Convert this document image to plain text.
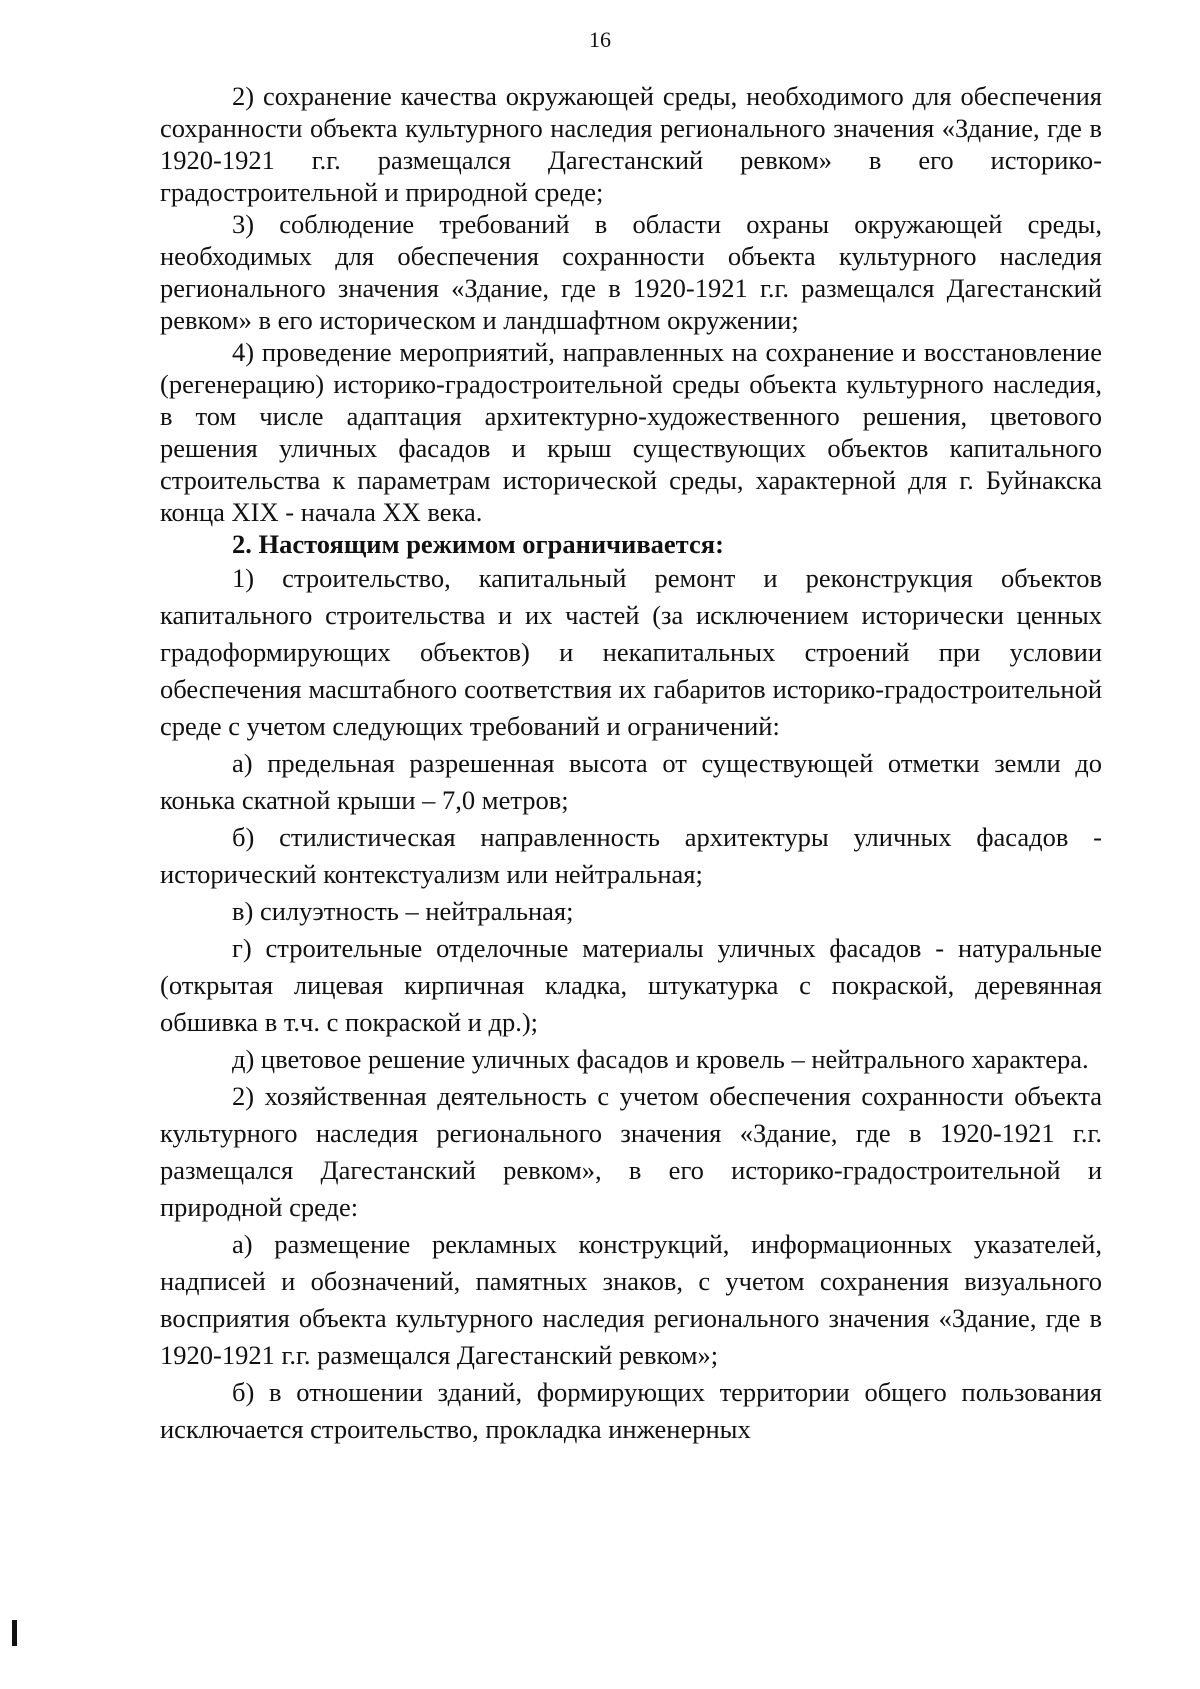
16

2) сохранение качества окружающей среды, необходимого для обеспечения сохранности объекта культурного наследия регионального значения «Здание, где в 1920-1921 г.г. размещался Дагестанский ревком» в его историко-градостроительной и природной среде;

3) соблюдение требований в области охраны окружающей среды, необходимых для обеспечения сохранности объекта культурного наследия регионального значения «Здание, где в 1920-1921 г.г. размещался Дагестанский ревком» в его историческом и ландшафтном окружении;

4) проведение мероприятий, направленных на сохранение и восстановление (регенерацию) историко-градостроительной среды объекта культурного наследия, в том числе адаптация архитектурно-художественного решения, цветового решения уличных фасадов и крыш существующих объектов капитального строительства к параметрам исторической среды, характерной для г. Буйнакска конца XIX - начала XX века.

2. Настоящим режимом ограничивается:

1) строительство, капитальный ремонт и реконструкция объектов капитального строительства и их частей (за исключением исторически ценных градоформирующих объектов) и некапитальных строений при условии обеспечения масштабного соответствия их габаритов историко-градостроительной среде с учетом следующих требований и ограничений:

а) предельная разрешенная высота от существующей отметки земли до конька скатной крыши – 7,0 метров;

б) стилистическая направленность архитектуры уличных фасадов - исторический контекстуализм или нейтральная;

в) силуэтность – нейтральная;

г) строительные отделочные материалы уличных фасадов - натуральные (открытая лицевая кирпичная кладка, штукатурка с покраской, деревянная обшивка в т.ч. с покраской и др.);

д) цветовое решение уличных фасадов и кровель – нейтрального характера.

2) хозяйственная деятельность с учетом обеспечения сохранности объекта культурного наследия регионального значения «Здание, где в 1920-1921 г.г. размещался Дагестанский ревком», в его историко-градостроительной и природной среде:

а) размещение рекламных конструкций, информационных указателей, надписей и обозначений, памятных знаков, с учетом сохранения визуального восприятия объекта культурного наследия регионального значения «Здание, где в 1920-1921 г.г. размещался Дагестанский ревком»;

б) в отношении зданий, формирующих территории общего пользования исключается строительство, прокладка инженерных
